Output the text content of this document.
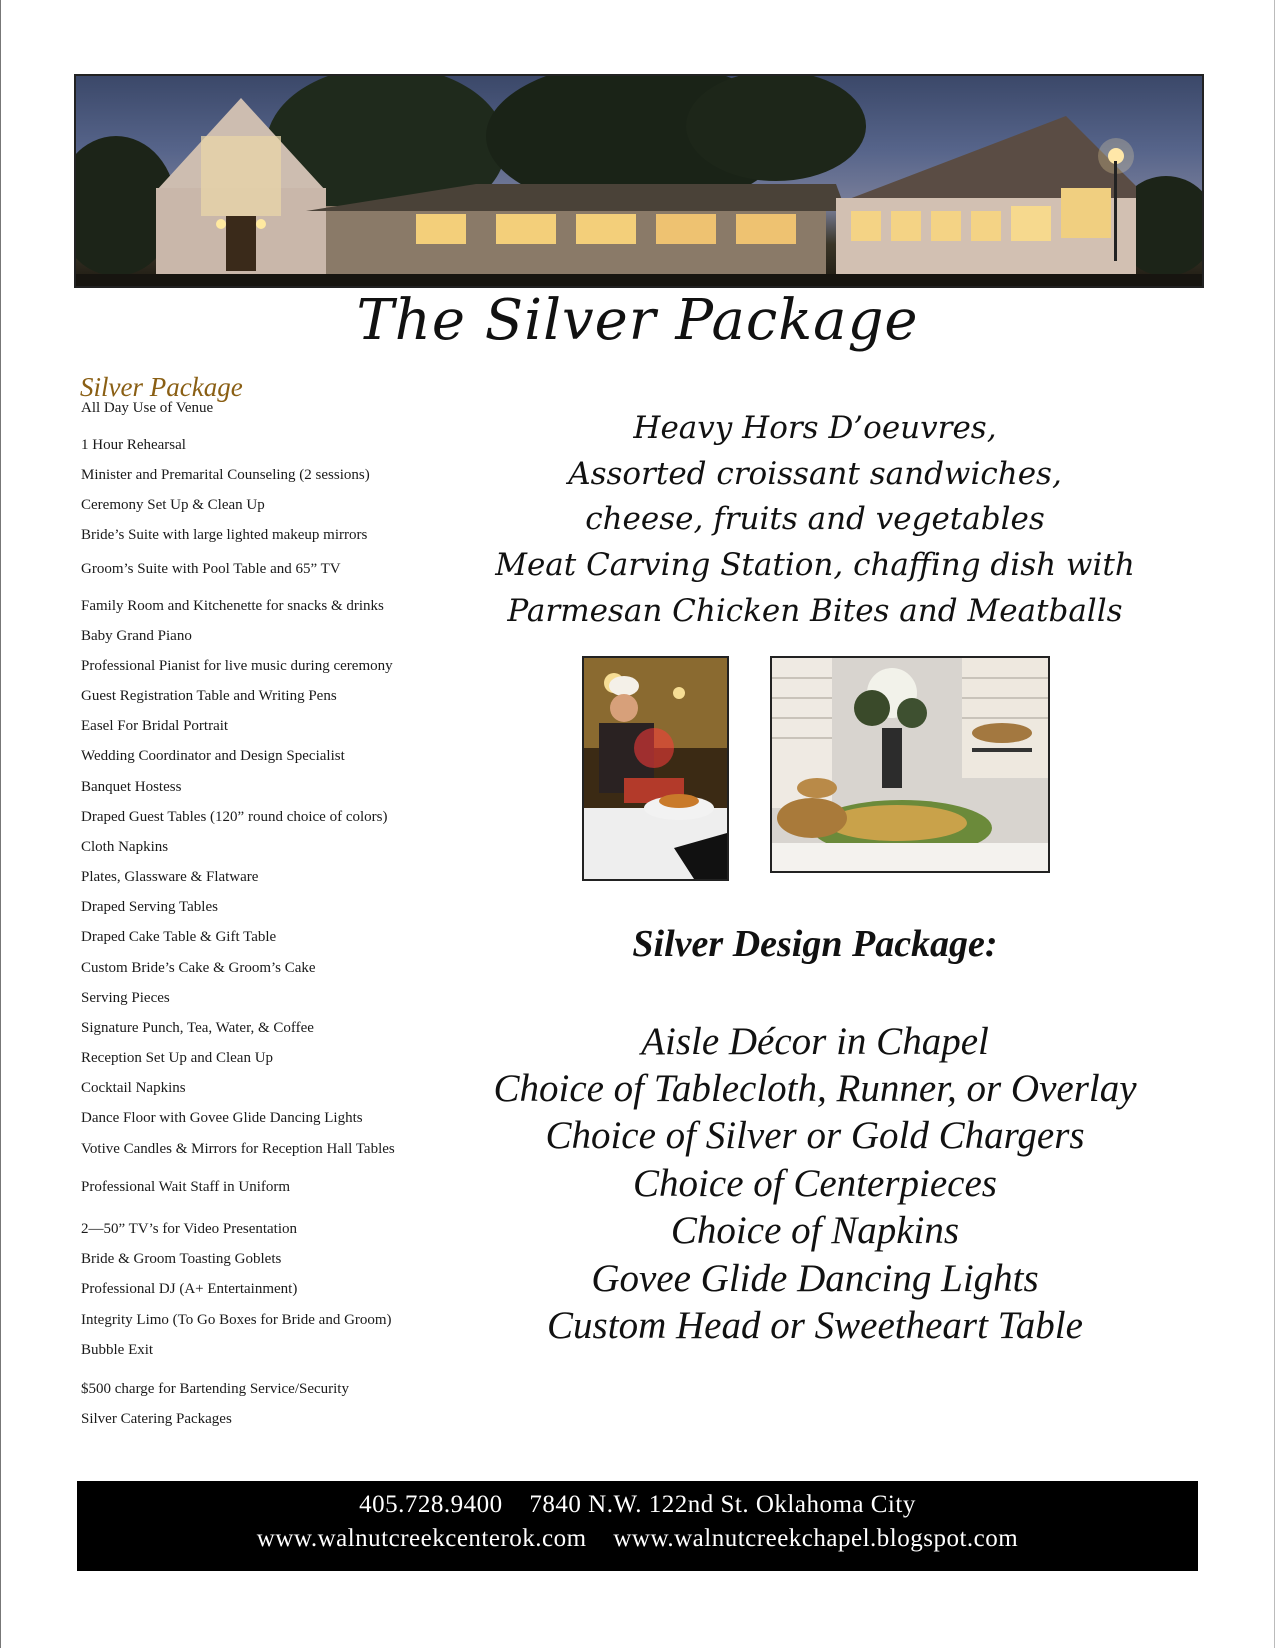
The Silver Package
Silver Package
All Day Use of Venue
1 Hour Rehearsal
Minister and Premarital Counseling (2 sessions)
Ceremony Set Up & Clean Up
Bride’s Suite with large lighted makeup mirrors
Groom’s Suite with Pool Table and 65” TV
Family Room and Kitchenette for snacks & drinks
Baby Grand Piano
Professional Pianist for live music during ceremony
Guest Registration Table and Writing Pens
Easel For Bridal Portrait
Wedding Coordinator and Design Specialist
Banquet Hostess
Draped Guest Tables (120” round choice of colors)
Cloth Napkins
Plates, Glassware & Flatware
Draped Serving Tables
Draped Cake Table & Gift Table
Custom Bride’s Cake & Groom’s Cake
Serving Pieces
Signature Punch, Tea, Water, & Coffee
Reception Set Up and Clean Up
Cocktail Napkins
Dance Floor with Govee Glide Dancing Lights
Votive Candles & Mirrors for Reception Hall Tables
Professional Wait Staff in Uniform
2—50” TV’s for Video Presentation
Bride & Groom Toasting Goblets
Professional DJ (A+ Entertainment)
Integrity Limo (To Go Boxes for Bride and Groom)
Bubble Exit
$500 charge for Bartending Service/Security
Silver Catering Packages
Heavy Hors D’oeuvres,
Assorted croissant sandwiches,
cheese, fruits and vegetables
Meat Carving Station, chaffing dish with
Parmesan Chicken Bites and Meatballs
Silver Design Package:
Aisle Décor in Chapel
Choice of Tablecloth, Runner, or Overlay
Choice of Silver or Gold Chargers
Choice of Centerpieces
Choice of Napkins
Govee Glide Dancing Lights
Custom Head or Sweetheart Table
405.728.9400 7840 N.W. 122nd St. Oklahoma City
www.walnutcreekcenterok.com www.walnutcreekchapel.blogspot.com
